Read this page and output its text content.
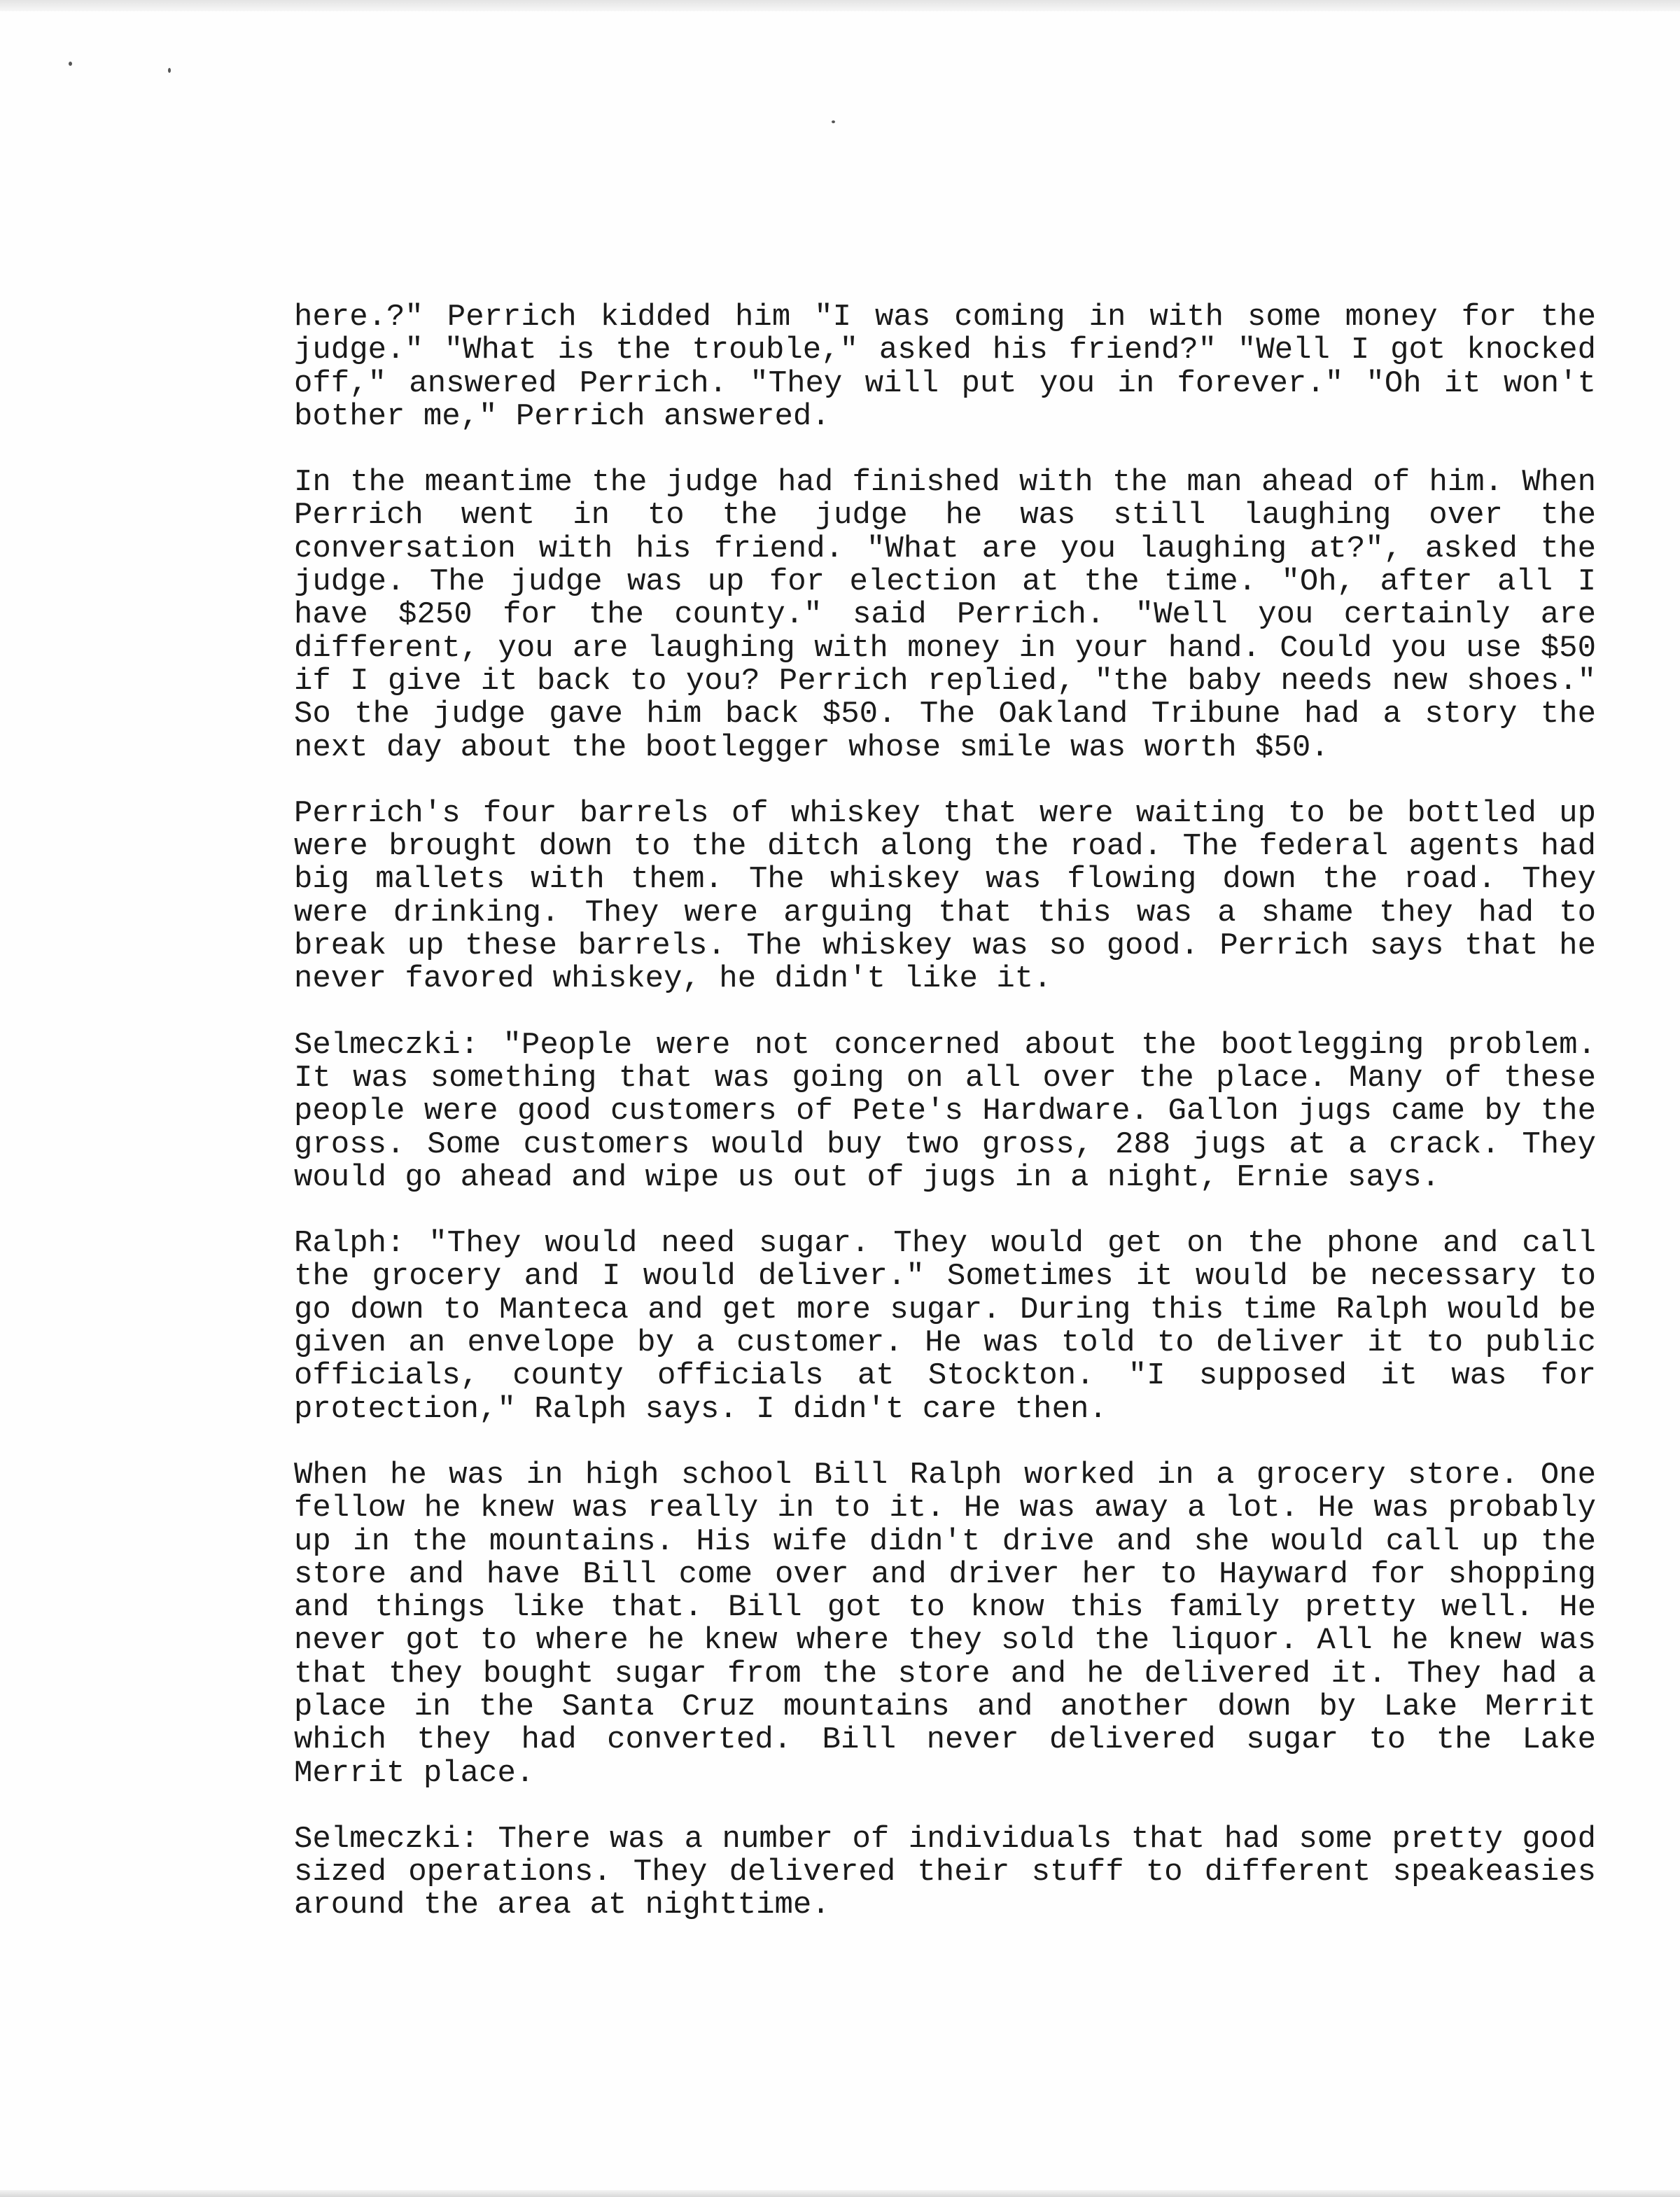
here.?" Perrich kidded him "I was coming in with some money for the judge." "What is the trouble," asked his friend?" "Well I got knocked off," answered Perrich. "They will put you in forever." "Oh it won't bother me," Perrich answered.

In the meantime the judge had finished with the man ahead of him. When Perrich went in to the judge he was still laughing over the conversation with his friend. "What are you laughing at?", asked the judge. The judge was up for election at the time. "Oh, after all I have $250 for the county." said Perrich. "Well you certainly are different, you are laughing with money in your hand. Could you use $50 if I give it back to you? Perrich replied, "the baby needs new shoes." So the judge gave him back $50. The Oakland Tribune had a story the next day about the bootlegger whose smile was worth $50.

Perrich's four barrels of whiskey that were waiting to be bottled up were brought down to the ditch along the road. The federal agents had big mallets with them. The whiskey was flowing down the road. They were drinking. They were arguing that this was a shame they had to break up these barrels. The whiskey was so good. Perrich says that he never favored whiskey, he didn't like it.

Selmeczki: "People were not concerned about the bootlegging problem. It was something that was going on all over the place. Many of these people were good customers of Pete's Hardware. Gallon jugs came by the gross. Some customers would buy two gross, 288 jugs at a crack. They would go ahead and wipe us out of jugs in a night, Ernie says.

Ralph: "They would need sugar. They would get on the phone and call the grocery and I would deliver." Sometimes it would be necessary to go down to Manteca and get more sugar. During this time Ralph would be given an envelope by a customer. He was told to deliver it to public officials, county officials at Stockton. "I supposed it was for protection," Ralph says. I didn't care then.

When he was in high school Bill Ralph worked in a grocery store. One fellow he knew was really in to it. He was away a lot. He was probably up in the mountains. His wife didn't drive and she would call up the store and have Bill come over and driver her to Hayward for shopping and things like that. Bill got to know this family pretty well. He never got to where he knew where they sold the liquor. All he knew was that they bought sugar from the store and he delivered it. They had a place in the Santa Cruz mountains and another down by Lake Merrit which they had converted. Bill never delivered sugar to the Lake Merrit place.

Selmeczki: There was a number of individuals that had some pretty good sized operations. They delivered their stuff to different speakeasies around the area at nighttime.
